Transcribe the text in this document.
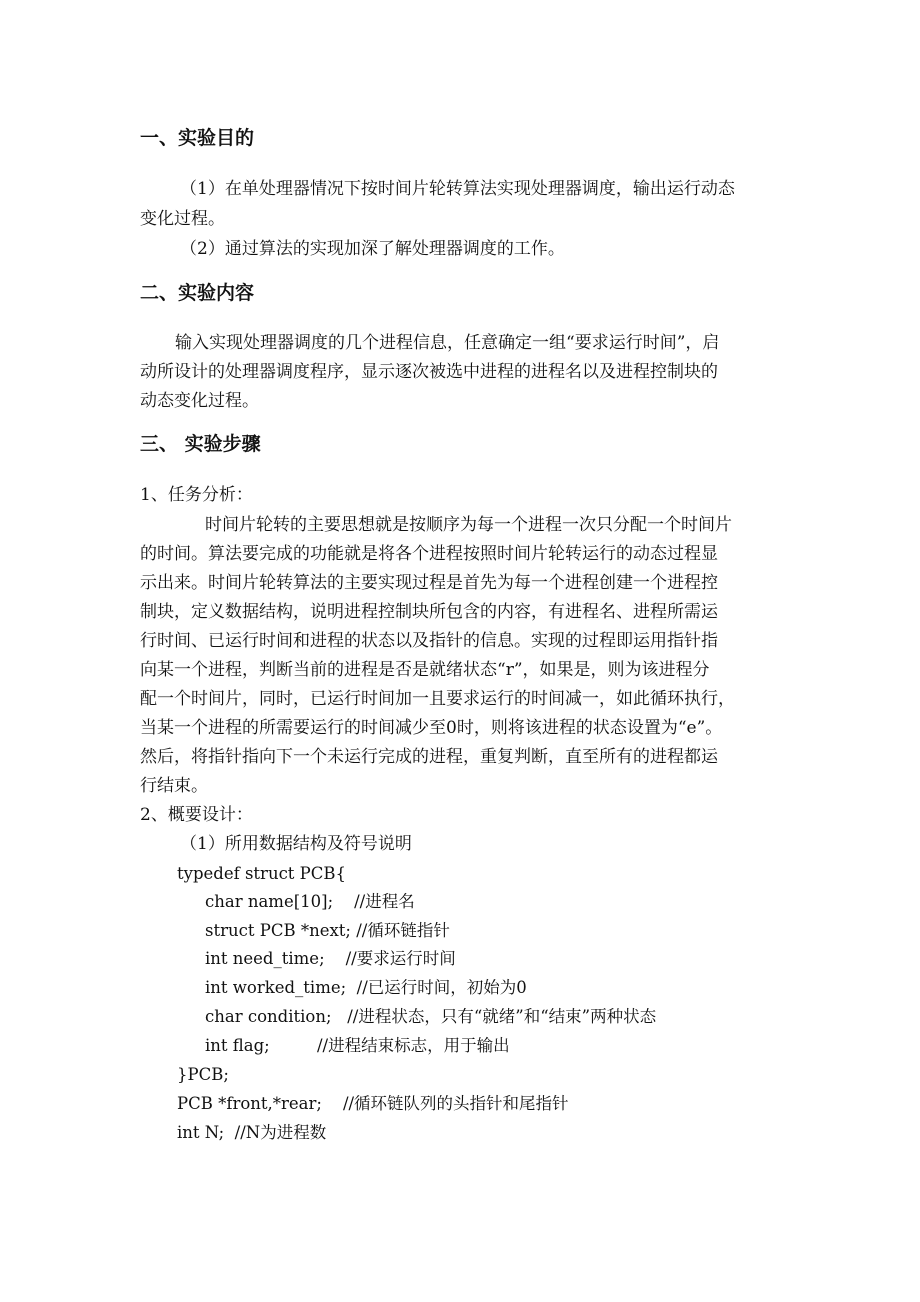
一、实验目的
（1）在单处理器情况下按时间片轮转算法实现处理器调度，输出运行动态
变化过程。
（2）通过算法的实现加深了解处理器调度的工作。
二、实验内容
输入实现处理器调度的几个进程信息，任意确定一组“要求运行时间”，启
动所设计的处理器调度程序，显示逐次被选中进程的进程名以及进程控制块的
动态变化过程。
三、 实验步骤
1、任务分析：
时间片轮转的主要思想就是按顺序为每一个进程一次只分配一个时间片
的时间。算法要完成的功能就是将各个进程按照时间片轮转运行的动态过程显
示出来。时间片轮转算法的主要实现过程是首先为每一个进程创建一个进程控
制块，定义数据结构，说明进程控制块所包含的内容，有进程名、进程所需运
行时间、已运行时间和进程的状态以及指针的信息。实现的过程即运用指针指
向某一个进程，判断当前的进程是否是就绪状态“r”，如果是，则为该进程分
配一个时间片，同时，已运行时间加一且要求运行的时间减一，如此循环执行，
当某一个进程的所需要运行的时间减少至0时，则将该进程的状态设置为“e”。
然后，将指针指向下一个未运行完成的进程，重复判断，直至所有的进程都运
行结束。
2、概要设计：
（1）所用数据结构及符号说明
typedef struct PCB{
char name[10];    //进程名
struct PCB *next; //循环链指针
int need_time;    //要求运行时间
int worked_time;  //已运行时间，初始为0
char condition;   //进程状态，只有“就绪”和“结束”两种状态
int flag;         //进程结束标志，用于输出
}PCB;
PCB *front,*rear;    //循环链队列的头指针和尾指针
int N;  //N为进程数
